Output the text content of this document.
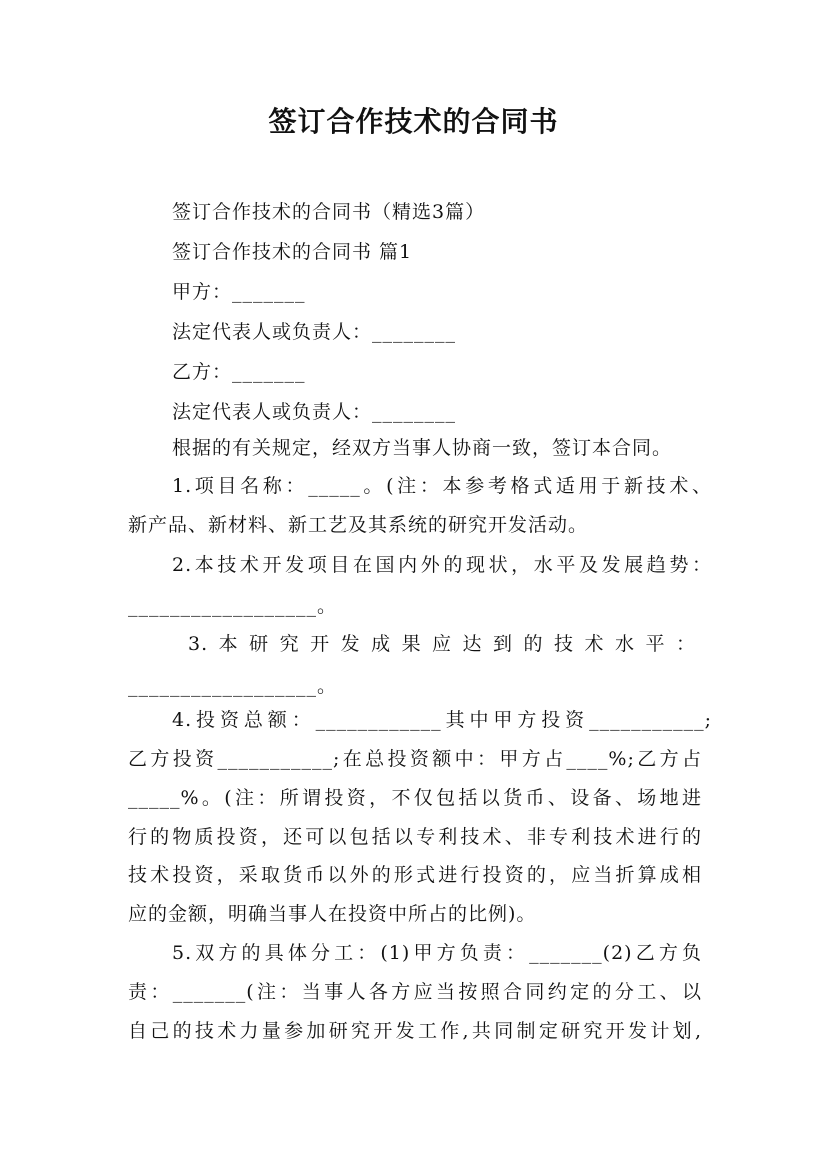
签订合作技术的合同书
签订合作技术的合同书（精选3篇）
签订合作技术的合同书 篇1
甲方：_______
法定代表人或负责人：________
乙方：_______
法定代表人或负责人：________
根据的有关规定，经双方当事人协商一致，签订本合同。
1.项目名称：_____。(注：本参考格式适用于新技术、
新产品、新材料、新工艺及其系统的研究开发活动。
2.本技术开发项目在国内外的现状，水平及发展趋势：
__________________。
3.本研究开发成果应达到的技术水平：
__________________。
4.投资总额：____________其中甲方投资___________;
乙方投资___________;在总投资额中：甲方占____%;乙方占
_____%。(注：所谓投资，不仅包括以货币、设备、场地进
行的物质投资，还可以包括以专利技术、非专利技术进行的
技术投资，采取货币以外的形式进行投资的，应当折算成相
应的金额，明确当事人在投资中所占的比例)。
5.双方的具体分工：(1)甲方负责：_______(2)乙方负
责：_______(注：当事人各方应当按照合同约定的分工、以
自己的技术力量参加研究开发工作,共同制定研究开发计划,
